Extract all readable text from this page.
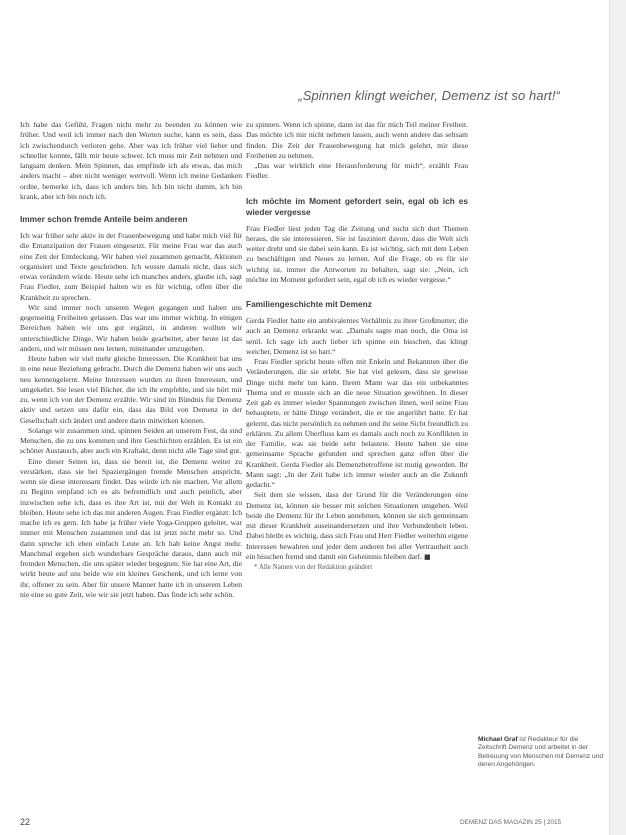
„Spinnen klingt weicher, Demenz ist so hart!“

Ich habe das Gefühl, Fragen nicht mehr zu beenden zu können wie früher. Und weil ich immer nach den Worten suche, kann es sein, dass ich zwischendurch verloren gehe. Aber was ich früher viel lieber und schneller konnte, fällt mir heute schwer. Ich muss mir Zeit nehmen und langsam denken. Mein Spinnen, das empfinde ich als etwas, das mich anders macht – aber nicht weniger wertvoll. Wenn ich meine Gedanken ordne, bemerke ich, dass ich anders bin. Ich bin nicht dumm, ich bin krank, aber ich bin noch ich.

Immer schon fremde Anteile beim anderen

Ich war früher sehr aktiv in der Frauenbewegung und habe mich viel für die Emanzipation der Frauen eingesetzt. Für meine Frau war das auch eine Zeit der Entdeckung. Wir haben viel zusammen gemacht, Aktionen organisiert und Texte geschrieben. Ich wusste damals nicht, dass sich etwas verändern würde. Heute sehe ich manches anders, glaube ich, sagt Frau Fiedler, zum Beispiel halten wir es für wichtig, offen über die Krankheit zu sprechen.

Wir sind immer noch unseren Wegen gegangen und haben uns gegenseitig Freiheiten gelassen. Das war uns immer wichtig. In einigen Bereichen haben wir uns gut ergänzt, in anderen wollten wir unterschiedliche Dinge. Wir haben beide gearbeitet, aber heute ist das anders, und wir müssen neu lernen, miteinander umzugehen.

Heute haben wir viel mehr gleiche Interessen. Die Krankheit hat uns in eine neue Beziehung gebracht. Durch die Demenz haben wir uns auch neu kennengelernt. Meine Interessen wurden zu ihren Interessen, und umgekehrt. Sie lesen viel Bücher, die ich ihr empfehle, und sie hört mir zu, wenn ich von der Demenz erzähle. Wir sind im Bündnis für Demenz aktiv und setzen uns dafür ein, dass das Bild von Demenz in der Gesellschaft sich ändert und andere darin mitwirken können.

Solange wir zusammen sind, spinnen Seiden an unserem Fest, da sind Menschen, die zu uns kommen und ihre Geschichten erzählen. Es ist ein schöner Austausch, aber auch ein Kraftakt, denn nicht alle Tage sind gut.

Eine dieser Seiten ist, dass sie bereit ist, die Demenz weiter zu verstärken, dass sie bei Spaziergängen fremde Menschen anspricht, wenn sie diese interessant findet. Das würde ich nie machen. Vor allem zu Beginn empfand ich es als befremdlich und auch peinlich, aber inzwischen sehe ich, dass es ihre Art ist, mit der Welt in Kontakt zu bleiben. Heute sehe ich das mit anderen Augen. Frau Fiedler ergänzt: Ich mache ich es gern. Ich habe ja früher viele Yoga-Gruppen geleitet, war immer mit Menschen zusammen und das ist jetzt nicht mehr so. Und dann spreche ich eben einfach Leute an. Ich hab keine Angst mehr. Manchmal ergeben sich wunderbare Gespräche daraus, dann auch mit fremden Menschen, die uns später wieder begegnen. Sie hat eine Art, die wirkt heute auf uns beide wie ein kleines Geschenk, und ich lerne von ihr, offener zu sein. Aber für unsere Manner hatte ich in unserem Leben nie eine so gute Zeit, wie wir sie jetzt haben. Das finde ich sehr schön.

zu spinnen. Wenn ich spinne, dann ist das für mich Teil meiner Freiheit. Das möchte ich mir nicht nehmen lassen, auch wenn andere das seltsam finden. Die Zeit der Frauenbewegung hat mich gelehrt, mir diese Freiheiten zu nehmen.

„Das war wirklich eine Herausforderung für mich“, erzählt Frau Fiedler.

Ich möchte im Moment gefordert sein, egal ob ich es wieder vergesse

Frau Fiedler liest jeden Tag die Zeitung und sucht sich dort Themen heraus, die sie interessieren. Sie ist fasziniert davon, dass die Welt sich weiter dreht und sie dabei sein kann. Es ist wichtig, sich mit dem Leben zu beschäftigen und Neues zu lernen. Auf die Frage, ob es für sie wichtig ist, immer die Antworten zu behalten, sagt sie: „Nein, ich möchte im Moment gefordert sein, egal ob ich es wieder vergesse.“

Familiengeschichte mit Demenz

Gerda Fiedler hatte ein ambivalentes Verhältnis zu ihrer Großmutter, die auch an Demenz erkrankt war. „Damals sagte man noch, die Oma ist senil. Ich sage ich auch lieber ich spinne ein bisschen, das klingt weicher, Demenz ist so hart.“

Frau Fiedler spricht heute offen mit Enkeln und Bekannten über die Veränderungen, die sie erlebt. Sie hat viel gelesen, dass sie gewisse Dinge nicht mehr tun kann. Ihrem Mann war das ein unbekanntes Thema und er musste sich an die neue Situation gewöhnen. In dieser Zeit gab es immer wieder Spannungen zwischen ihnen, weil seine Frau behauptete, er hätte Dinge verändert, die er nie angerührt hatte. Er hat gelernt, das nicht persönlich zu nehmen und ihr seine Sicht freundlich zu erklären. Zu allem Überfluss kam es damals auch noch zu Konflikten in der Familie, was sie beide sehr belastete. Heute haben sie eine gemeinsame Sprache gefunden und sprechen ganz offen über die Krankheit. Gerda Fiedler als Demenzbetroffene ist mutig geworden. Ihr Mann sagt: „In der Zeit habe ich immer wieder auch an die Zukunft gedacht.“

Seit dem sie wissen, dass der Grund für die Veränderungen eine Demenz ist, können sie besser mit solchen Situationen umgehen. Weil beide die Demenz für ihr Leben annehmen, können sie sich gemeinsam mit dieser Krankheit auseinandersetzen und ihre Verbundenheit leben. Dabei bleibt es wichtig, dass sich Frau und Herr Fiedler weiterhin eigene Interessen bewahren und jeder dem anderen bei aller Vertrautheit auch ein bisschen fremd und damit ein Geheimnis bleiben darf. ■

* Alle Namen von der Redaktion geändert

Michael Graf ist Redakteur für die Zeitschrift Demenz und arbeitet in der Betreuung von Menschen mit Demenz und deren Angehörigen.
22	DEMENZ DAS MAGAZIN 25 | 2015
